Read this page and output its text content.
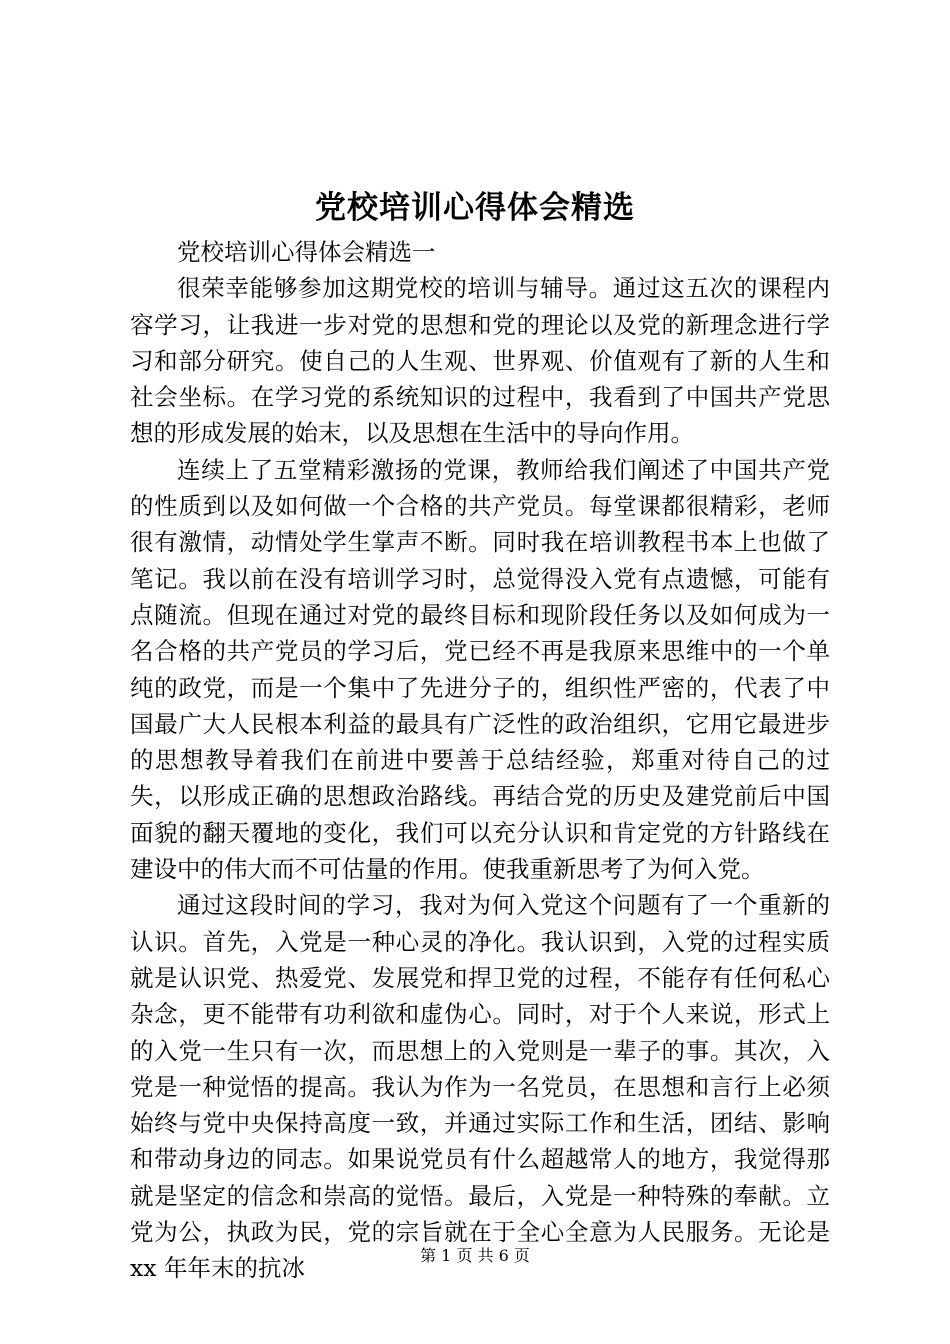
党校培训心得体会精选

党校培训心得体会精选一

很荣幸能够参加这期党校的培训与辅导。通过这五次的课程内容学习，让我进一步对党的思想和党的理论以及党的新理念进行学习和部分研究。使自己的人生观、世界观、价值观有了新的人生和社会坐标。在学习党的系统知识的过程中，我看到了中国共产党思想的形成发展的始末，以及思想在生活中的导向作用。

连续上了五堂精彩激扬的党课，教师给我们阐述了中国共产党的性质到以及如何做一个合格的共产党员。每堂课都很精彩，老师很有激情，动情处学生掌声不断。同时我在培训教程书本上也做了笔记。我以前在没有培训学习时，总觉得没入党有点遗憾，可能有点随流。但现在通过对党的最终目标和现阶段任务以及如何成为一名合格的共产党员的学习后，党已经不再是我原来思维中的一个单纯的政党，而是一个集中了先进分子的，组织性严密的，代表了中国最广大人民根本利益的最具有广泛性的政治组织，它用它最进步的思想教导着我们在前进中要善于总结经验，郑重对待自己的过失，以形成正确的思想政治路线。再结合党的历史及建党前后中国面貌的翻天覆地的变化，我们可以充分认识和肯定党的方针路线在建设中的伟大而不可估量的作用。使我重新思考了为何入党。

通过这段时间的学习，我对为何入党这个问题有了一个重新的认识。首先，入党是一种心灵的净化。我认识到，入党的过程实质就是认识党、热爱党、发展党和捍卫党的过程，不能存有任何私心杂念，更不能带有功利欲和虚伪心。同时，对于个人来说，形式上的入党一生只有一次，而思想上的入党则是一辈子的事。其次，入党是一种觉悟的提高。我认为作为一名党员，在思想和言行上必须始终与党中央保持高度一致，并通过实际工作和生活，团结、影响和带动身边的同志。如果说党员有什么超越常人的地方，我觉得那就是坚定的信念和崇高的觉悟。最后，入党是一种特殊的奉献。立党为公，执政为民，党的宗旨就在于全心全意为人民服务。无论是 xx 年年末的抗冰	第 1 页 共 6 页
